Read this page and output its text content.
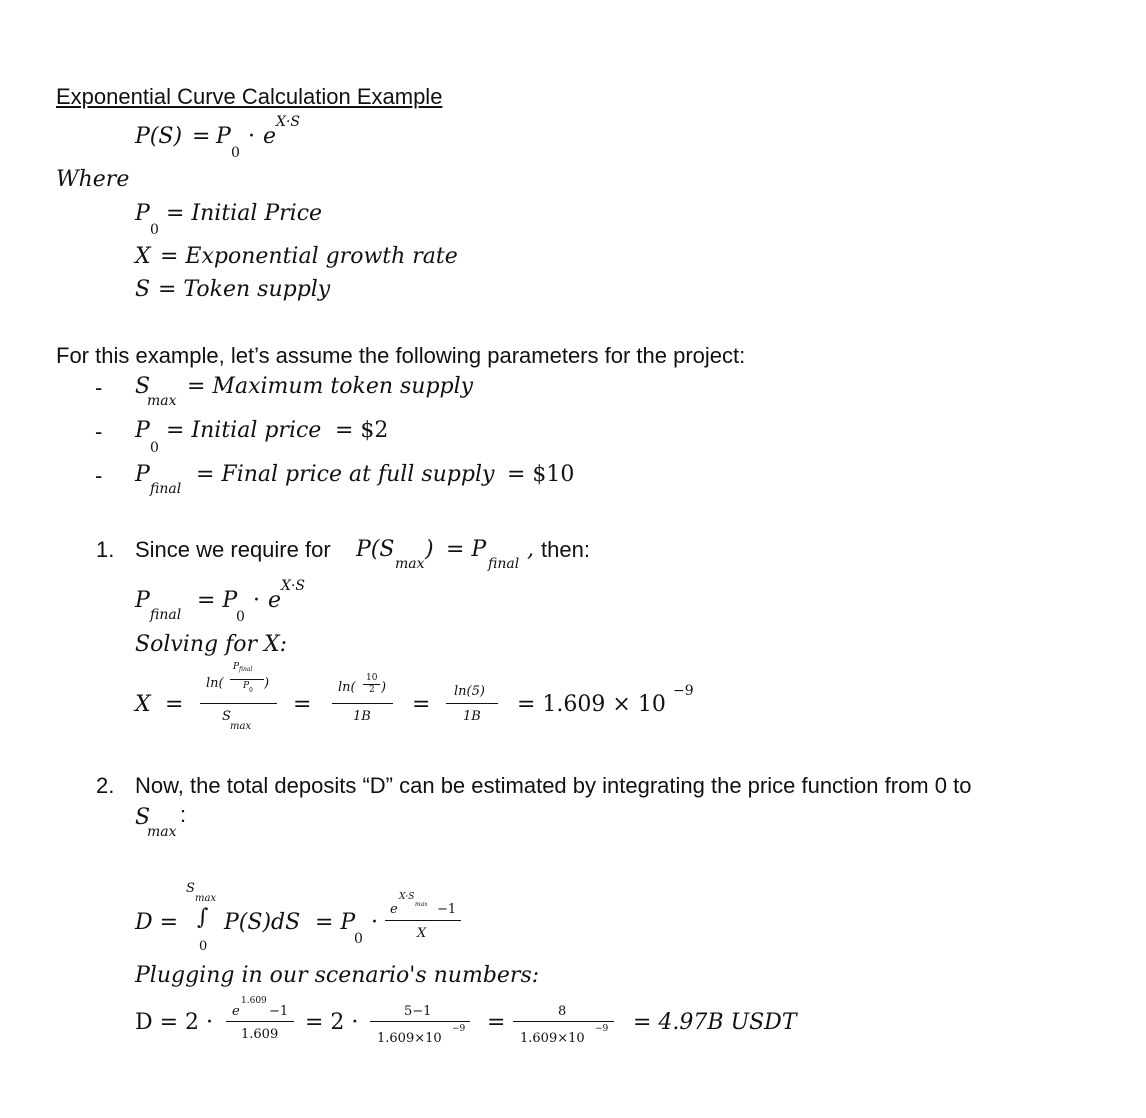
Exponential Curve Calculation Example
P(S) = P
0
· e
X·S
Where
P
0
= Initial Price
X = Exponential growth rate
S = Token supply
For this example, let’s assume the following parameters for the project:
- S
max
= Maximum token supply
- P
0
= Initial price = $2
- P
final
= Final price at full supply = $10
1. Since we require for P(S
max
) = P
final
, then:
P
final
= P
0
· e
X·S
Solving for X:
X =
ln(
P final
P 0 )
S
max
=
ln(
10
2 )
1B =
ln(5)
1B = 1.609 × 10
−9
2. Now, the total deposits “D” can be estimated by integrating the price function from 0 to
S
max
:
D =
S
max
∫
0
P(S)dS = P
0
·
e
X·S
max −1
X
Plugging in our scenario's numbers:
D = 2 · e
1.609
−1
1.609 = 2 ·	5−1
1.609×10
−9 =	8
1.609×10
−9 = 4.97B USDT
